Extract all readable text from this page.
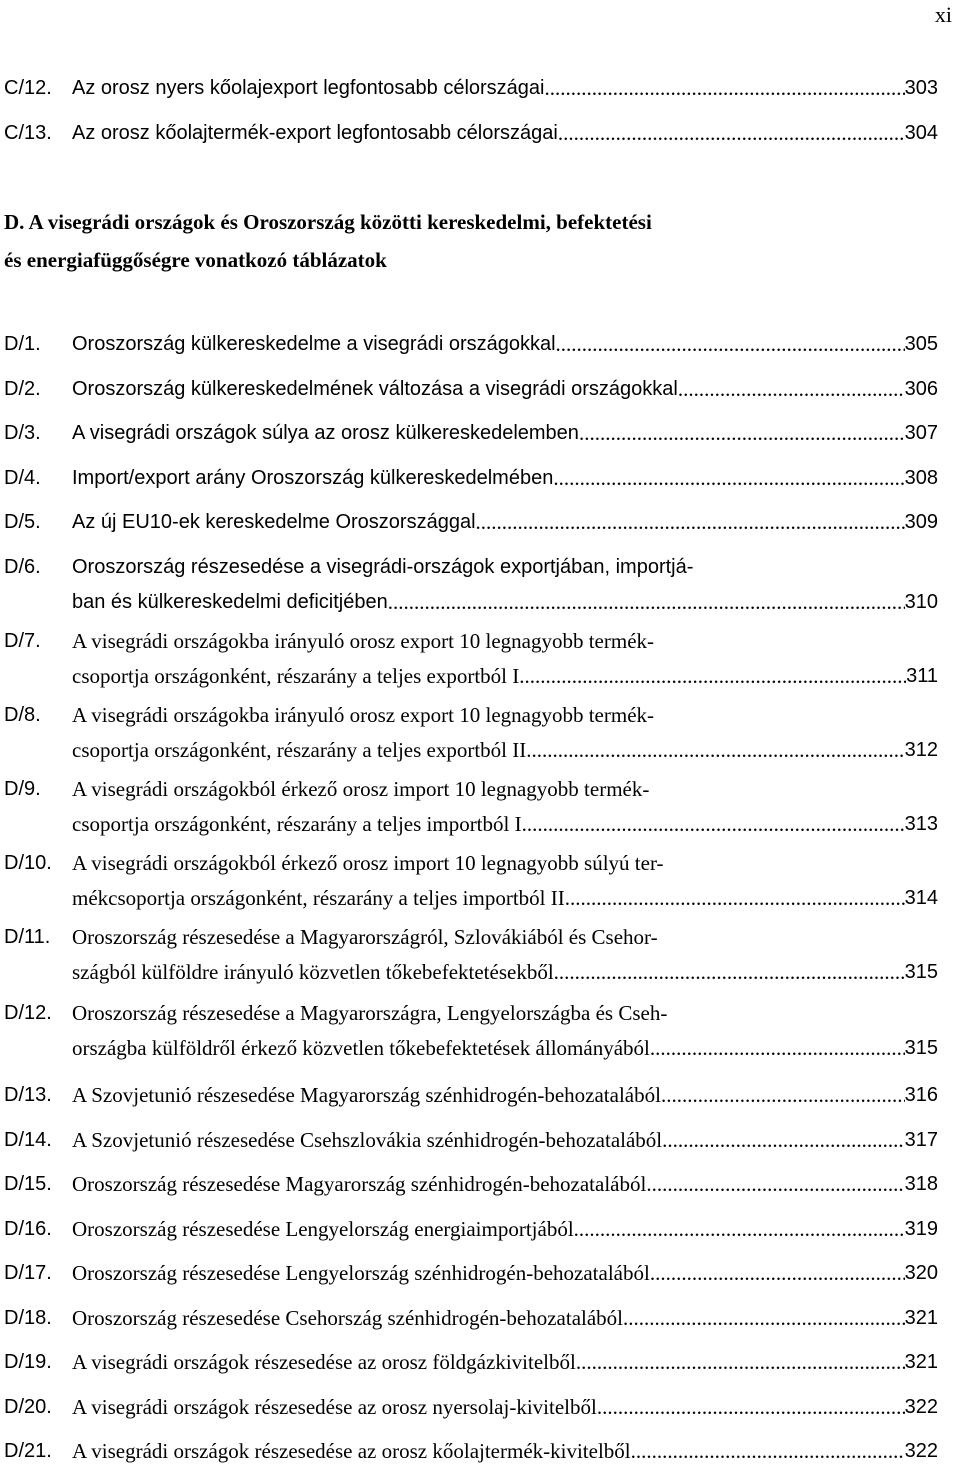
xi
D. A visegrádi országok és Oroszország közötti kereskedelmi, befektetési
és energiafüggőségre vonatkozó táblázatok
C/12.	Az orosz nyers kőolajexport legfontosabb célországai .....	303
C/13.	Az orosz kőolajtermék-export legfontosabb célországai .....	304
D/1.	Oroszország külkereskedelme a visegrádi országokkal .....	305
D/2.	Oroszország külkereskedelmének változása a visegrádi országokkal .....	306
D/3.	A visegrádi országok súlya az orosz külkereskedelemben .....	307
D/4.	Import/export arány Oroszország külkereskedelmében .....	308
D/5.	Az új EU10-ek kereskedelme Oroszországgal .....	309
D/6.	Oroszország részesedése a visegrádi-országok exportjában, importjá-
ban és külkereskedelmi deficitjében .....	310
D/7.	A visegrádi országokba irányuló orosz export 10 legnagyobb termék-
csoportja országonként, részarány a teljes exportból I. .....	311
D/8.	A visegrádi országokba irányuló orosz export 10 legnagyobb termék-
csoportja országonként, részarány a teljes exportból II. .....	312
D/9.	A visegrádi országokból érkező orosz import 10 legnagyobb termék-
csoportja országonként, részarány a teljes importból I. .....	313
D/10. A visegrádi országokból érkező orosz import 10 legnagyobb súlyú ter-
mékcsoportja országonként, részarány a teljes importból II. .....	314
D/11.	Oroszország részesedése a Magyarországról, Szlovákiából és Csehor-
szágból külföldre irányuló közvetlen tőkebefektetésekből .....	315
D/12. Oroszország részesedése a Magyarországra, Lengyelországba és Cseh-
országba külföldről érkező közvetlen tőkebefektetések állományából .....	315
D/13. A Szovjetunió részesedése Magyarország szénhidrogén-behozatalából .....	316
D/14. A Szovjetunió részesedése Csehszlovákia szénhidrogén-behozatalából .....	317
D/15. Oroszország részesedése Magyarország szénhidrogén-behozatalából .....	318
D/16. Oroszország részesedése Lengyelország energiaimportjából .....	319
D/17. Oroszország részesedése Lengyelország szénhidrogén-behozatalából .....	320
D/18. Oroszország részesedése Csehország szénhidrogén-behozatalából .....	321
D/19. A visegrádi országok részesedése az orosz földgázkivitelből .....	321
D/20. A visegrádi országok részesedése az orosz nyersolaj-kivitelből .....	322
D/21. A visegrádi országok részesedése az orosz kőolajtermék-kivitelből .....	322
